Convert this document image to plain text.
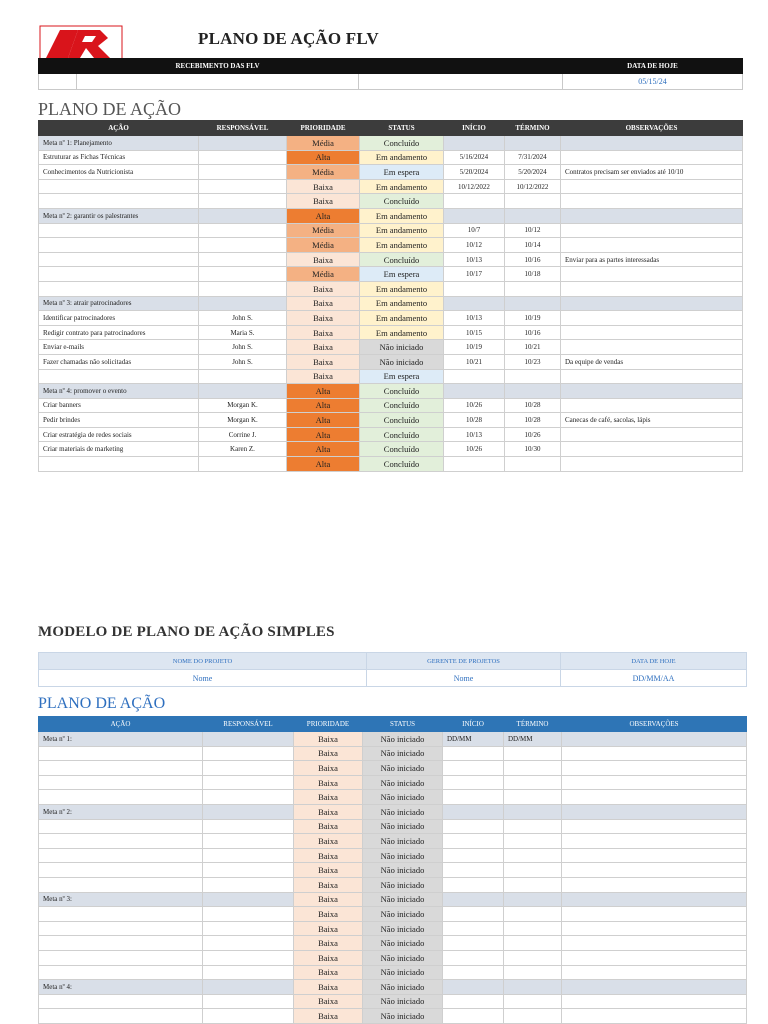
PLANO DE AÇÃO FLV
	RECEBIMENTO DAS FLV		DATA DE HOJE
			05/15/24
PLANO DE AÇÃO
AÇÃO	RESPONSÁVEL	PRIORIDADE	STATUS	INÍCIO	TÉRMINO	OBSERVAÇÕES
Meta nº 1: Planejamento		Média	Concluído			
Estruturar as Fichas Técnicas		Alta	Em andamento	5/16/2024	7/31/2024	
Conhecimentos da Nutricionista		Média	Em espera	5/20/2024	5/20/2024	Contratos precisam ser enviados até 10/10
		Baixa	Em andamento	10/12/2022	10/12/2022	
		Baixa	Concluído			
Meta nº 2: garantir os palestrantes		Alta	Em andamento			
		Média	Em andamento	10/7	10/12	
		Média	Em andamento	10/12	10/14	
		Baixa	Concluído	10/13	10/16	Enviar para as partes interessadas
		Média	Em espera	10/17	10/18	
		Baixa	Em andamento			
Meta nº 3: atrair patrocinadores		Baixa	Em andamento			
Identificar patrocinadores	John S.	Baixa	Em andamento	10/13	10/19	
Redigir contrato para patrocinadores	Maria S.	Baixa	Em andamento	10/15	10/16	
Enviar e-mails	John S.	Baixa	Não iniciado	10/19	10/21	
Fazer chamadas não solicitadas	John S.	Baixa	Não iniciado	10/21	10/23	Da equipe de vendas
		Baixa	Em espera			
Meta nº 4: promover o evento		Alta	Concluído			
Criar banners	Morgan K.	Alta	Concluído	10/26	10/28	
Pedir brindes	Morgan K.	Alta	Concluído	10/28	10/28	Canecas de café, sacolas, lápis
Criar estratégia de redes sociais	Corrine J.	Alta	Concluído	10/13	10/26	
Criar materiais de marketing	Karen Z.	Alta	Concluído	10/26	10/30	
		Alta	Concluído			
MODELO DE PLANO DE AÇÃO SIMPLES
NOME DO PROJETO	GERENTE DE PROJETOS	DATA DE HOJE
Nome	Nome	DD/MM/AA
PLANO DE AÇÃO
AÇÃO	RESPONSÁVEL	PRIORIDADE	STATUS	INÍCIO	TÉRMINO	OBSERVAÇÕES
Meta nº 1:		Baixa	Não iniciado	DD/MM	DD/MM	
		Baixa	Não iniciado			
		Baixa	Não iniciado			
		Baixa	Não iniciado			
		Baixa	Não iniciado			
Meta nº 2:		Baixa	Não iniciado			
		Baixa	Não iniciado			
		Baixa	Não iniciado			
		Baixa	Não iniciado			
		Baixa	Não iniciado			
		Baixa	Não iniciado			
Meta nº 3:		Baixa	Não iniciado			
		Baixa	Não iniciado			
		Baixa	Não iniciado			
		Baixa	Não iniciado			
		Baixa	Não iniciado			
		Baixa	Não iniciado			
Meta nº 4:		Baixa	Não iniciado			
		Baixa	Não iniciado			
		Baixa	Não iniciado			
